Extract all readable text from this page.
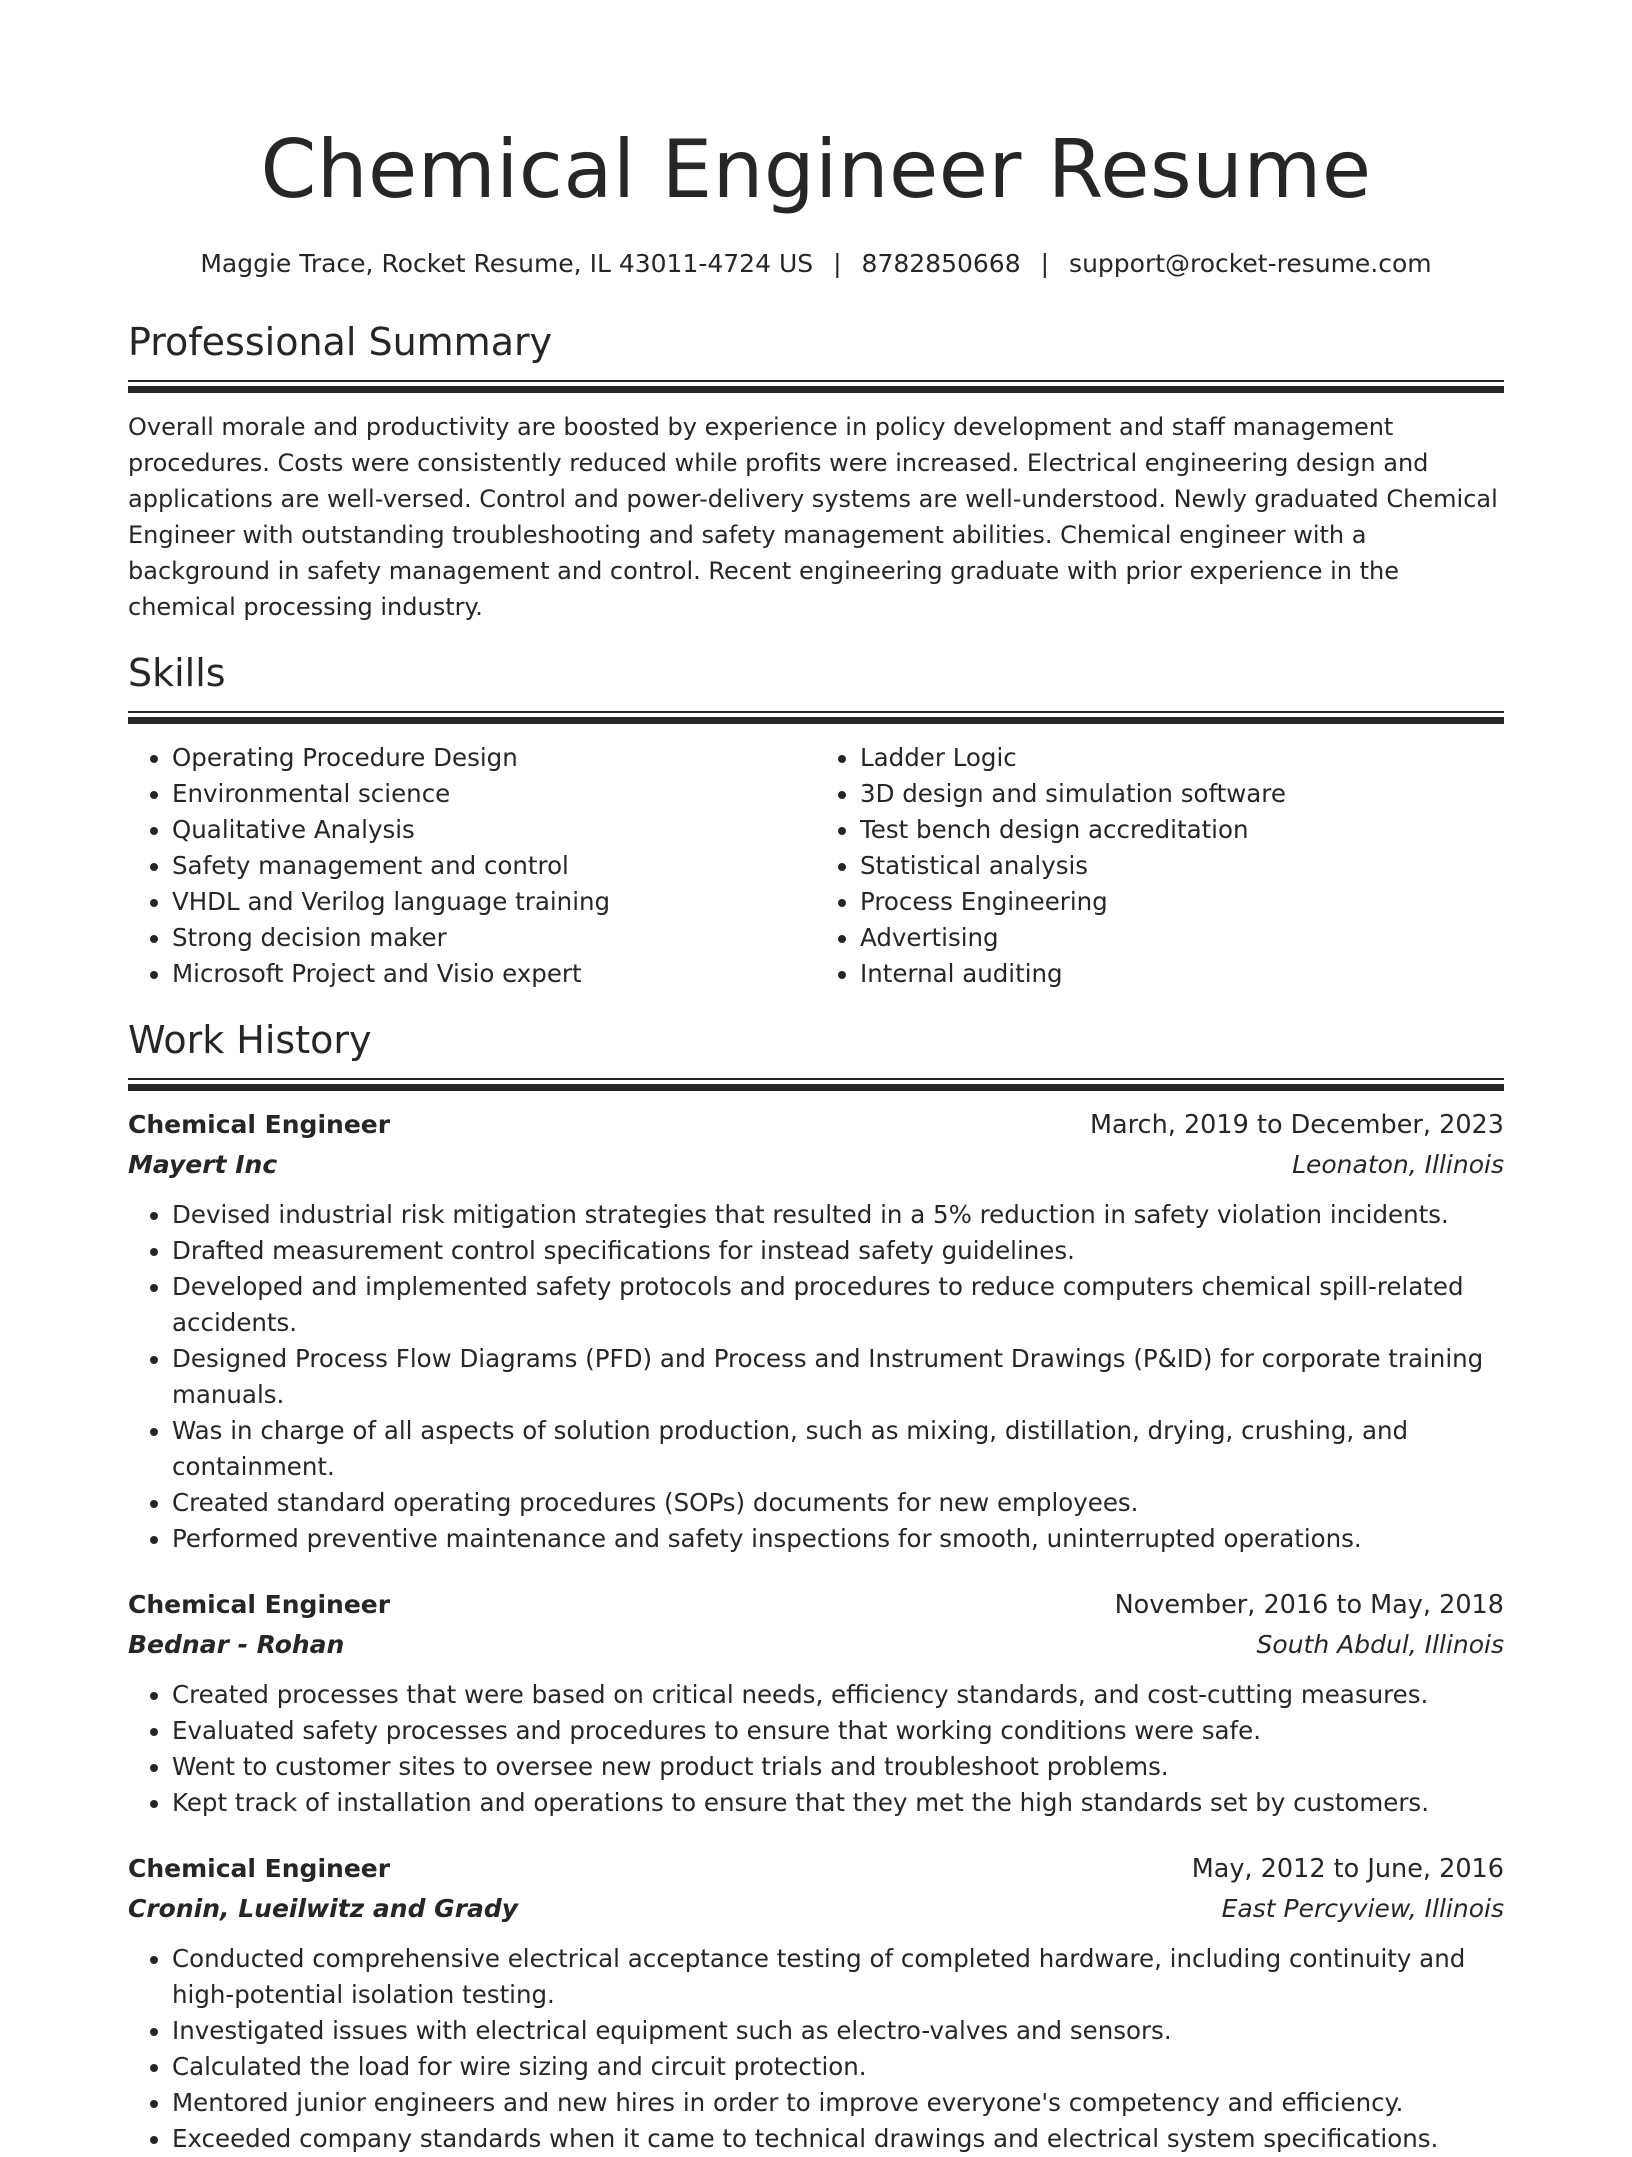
Chemical Engineer Resume
Maggie Trace, Rocket Resume, IL 43011-4724 US | 8782850668 | support@rocket-resume.com
Professional Summary

Overall morale and productivity are boosted by experience in policy development and staff management procedures. Costs were consistently reduced while profits were increased. Electrical engineering design and applications are well-versed. Control and power-delivery systems are well-understood. Newly graduated Chemical Engineer with outstanding troubleshooting and safety management abilities. Chemical engineer with a background in safety management and control. Recent engineering graduate with prior experience in the chemical processing industry.

Skills
• Operating Procedure Design
• Environmental science
• Qualitative Analysis
• Safety management and control
• VHDL and Verilog language training
• Strong decision maker
• Microsoft Project and Visio expert
• Ladder Logic
• 3D design and simulation software
• Test bench design accreditation
• Statistical analysis
• Process Engineering
• Advertising
• Internal auditing
Work History
Chemical Engineer	March, 2019 to December, 2023
Mayert Inc	Leonaton, Illinois
• Devised industrial risk mitigation strategies that resulted in a 5% reduction in safety violation incidents.
• Drafted measurement control specifications for instead safety guidelines.
• Developed and implemented safety protocols and procedures to reduce computers chemical spill-related accidents.
• Designed Process Flow Diagrams (PFD) and Process and Instrument Drawings (P&ID) for corporate training manuals.
• Was in charge of all aspects of solution production, such as mixing, distillation, drying, crushing, and containment.
• Created standard operating procedures (SOPs) documents for new employees.
• Performed preventive maintenance and safety inspections for smooth, uninterrupted operations.
Chemical Engineer	November, 2016 to May, 2018
Bednar - Rohan	South Abdul, Illinois
• Created processes that were based on critical needs, efficiency standards, and cost-cutting measures.
• Evaluated safety processes and procedures to ensure that working conditions were safe.
• Went to customer sites to oversee new product trials and troubleshoot problems.
• Kept track of installation and operations to ensure that they met the high standards set by customers.
Chemical Engineer	May, 2012 to June, 2016
Cronin, Lueilwitz and Grady	East Percyview, Illinois
• Conducted comprehensive electrical acceptance testing of completed hardware, including continuity and high-potential isolation testing.
• Investigated issues with electrical equipment such as electro-valves and sensors.
• Calculated the load for wire sizing and circuit protection.
• Mentored junior engineers and new hires in order to improve everyone's competency and efficiency.
• Exceeded company standards when it came to technical drawings and electrical system specifications.
